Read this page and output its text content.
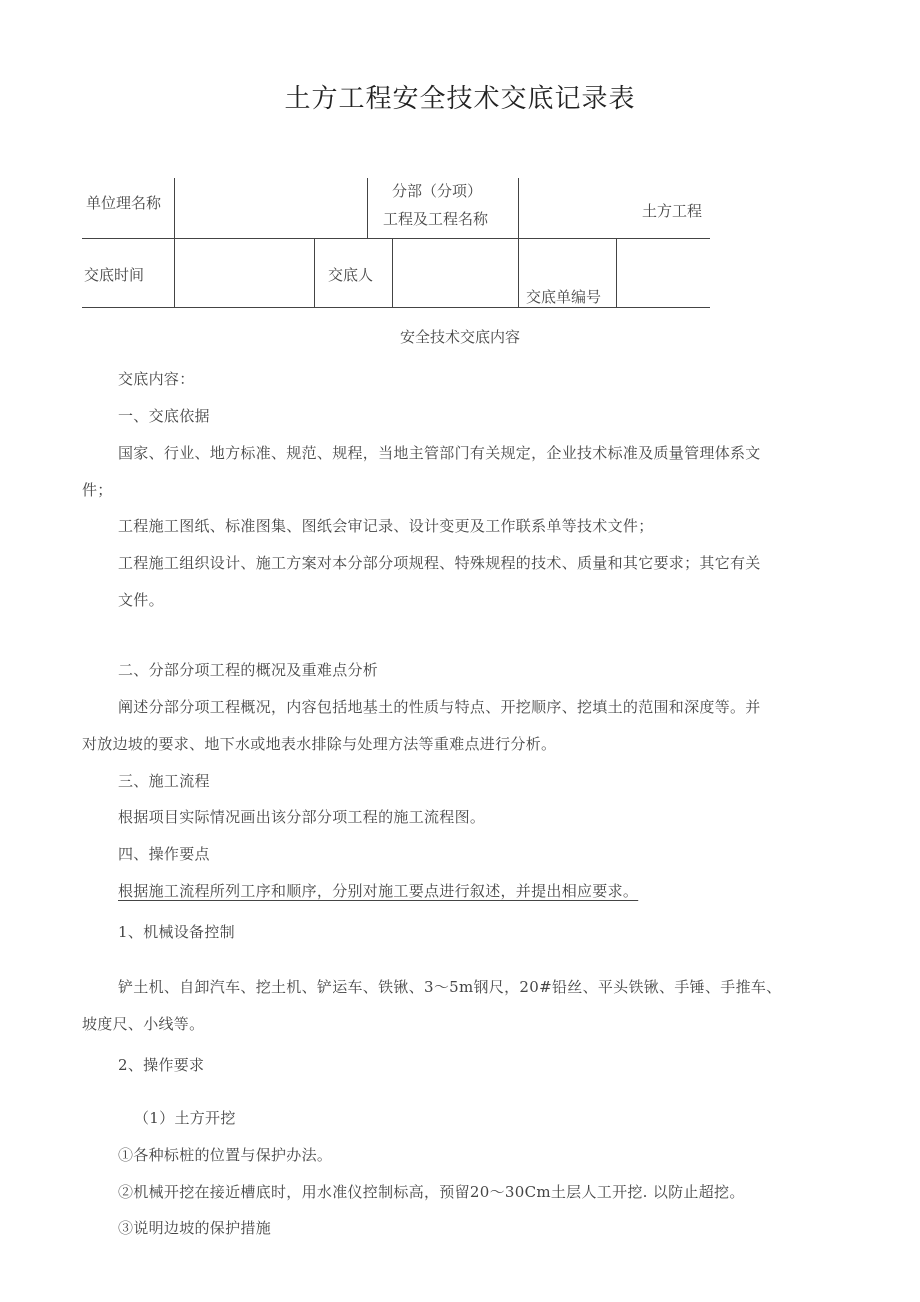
土方工程安全技术交底记录表
单位理名称
分部（分项）
工程及工程名称	土方工程
交底时间	交底人
交底单编号
安全技术交底内容
交底内容：
一、交底依据
国家、行业、地方标准、规范、规程，当地主管部门有关规定，企业技术标准及质量管理体系文
件；
工程施工图纸、标准图集、图纸会审记录、设计变更及工作联系单等技术文件；
工程施工组织设计、施工方案对本分部分项规程、特殊规程的技术、质量和其它要求；其它有关
文件。
二、分部分项工程的概况及重难点分析
阐述分部分项工程概况，内容包括地基土的性质与特点、开挖顺序、挖填土的范围和深度等。并
对放边坡的要求、地下水或地表水排除与处理方法等重难点进行分析。
三、施工流程
根据项目实际情况画出该分部分项工程的施工流程图。
四、操作要点
根据施工流程所列工序和顺序，分别对施工要点进行叙述，并提出相应要求。
1、机械设备控制
铲土机、自卸汽车、挖土机、铲运车、铁锹、3～5m钢尺，20#铅丝、平头铁锹、手锤、手推车、
坡度尺、小线等。
2、操作要求
（1）土方开挖
①各种标桩的位置与保护办法。
②机械开挖在接近槽底时，用水准仪控制标高，预留20～30Cm土层人工开挖. 以防止超挖。
③说明边坡的保护措施
